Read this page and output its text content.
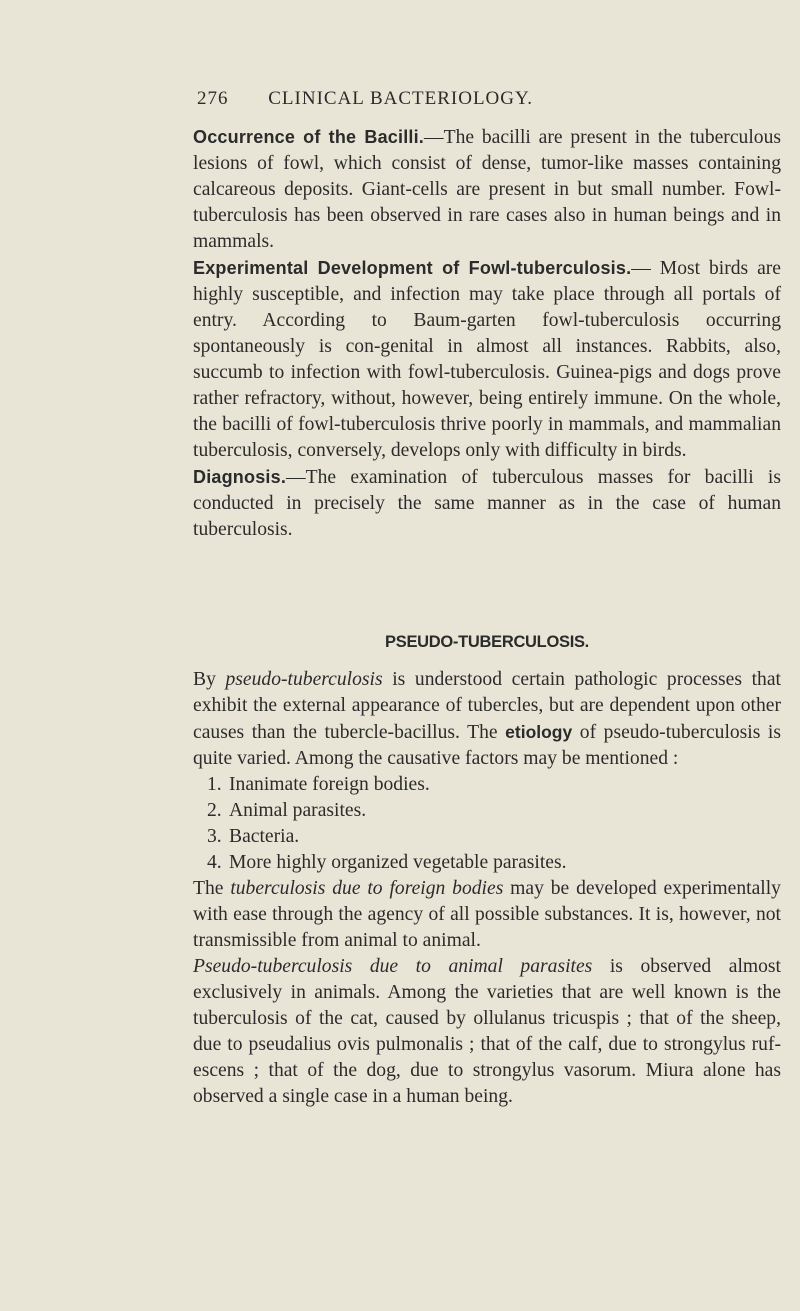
276 CLINICAL BACTERIOLOGY.

Occurrence of the Bacilli.—The bacilli are present in the tuberculous lesions of fowl, which consist of dense, tumor-like masses containing calcareous deposits. Giant-cells are present in but small number. Fowl-tuberculosis has been observed in rare cases also in human beings and in mammals.

Experimental Development of Fowl-tuberculosis.— Most birds are highly susceptible, and infection may take place through all portals of entry. According to Baum-garten fowl-tuberculosis occurring spontaneously is con-genital in almost all instances. Rabbits, also, succumb to infection with fowl-tuberculosis. Guinea-pigs and dogs prove rather refractory, without, however, being entirely immune. On the whole, the bacilli of fowl-tuberculosis thrive poorly in mammals, and mammalian tuberculosis, conversely, develops only with difficulty in birds.

Diagnosis.—The examination of tuberculous masses for bacilli is conducted in precisely the same manner as in the case of human tuberculosis.

PSEUDO-TUBERCULOSIS.

By pseudo-tuberculosis is understood certain pathologic processes that exhibit the external appearance of tubercles, but are dependent upon other causes than the tubercle-bacillus. The etiology of pseudo-tuberculosis is quite varied. Among the causative factors may be mentioned :

1. Inanimate foreign bodies.
2. Animal parasites.
3. Bacteria.
4. More highly organized vegetable parasites.

The tuberculosis due to foreign bodies may be developed experimentally with ease through the agency of all possible substances. It is, however, not transmissible from animal to animal.

Pseudo-tuberculosis due to animal parasites is observed almost exclusively in animals. Among the varieties that are well known is the tuberculosis of the cat, caused by ollulanus tricuspis ; that of the sheep, due to pseudalius ovis pulmonalis ; that of the calf, due to strongylus ruf-escens ; that of the dog, due to strongylus vasorum. Miura alone has observed a single case in a human being.
